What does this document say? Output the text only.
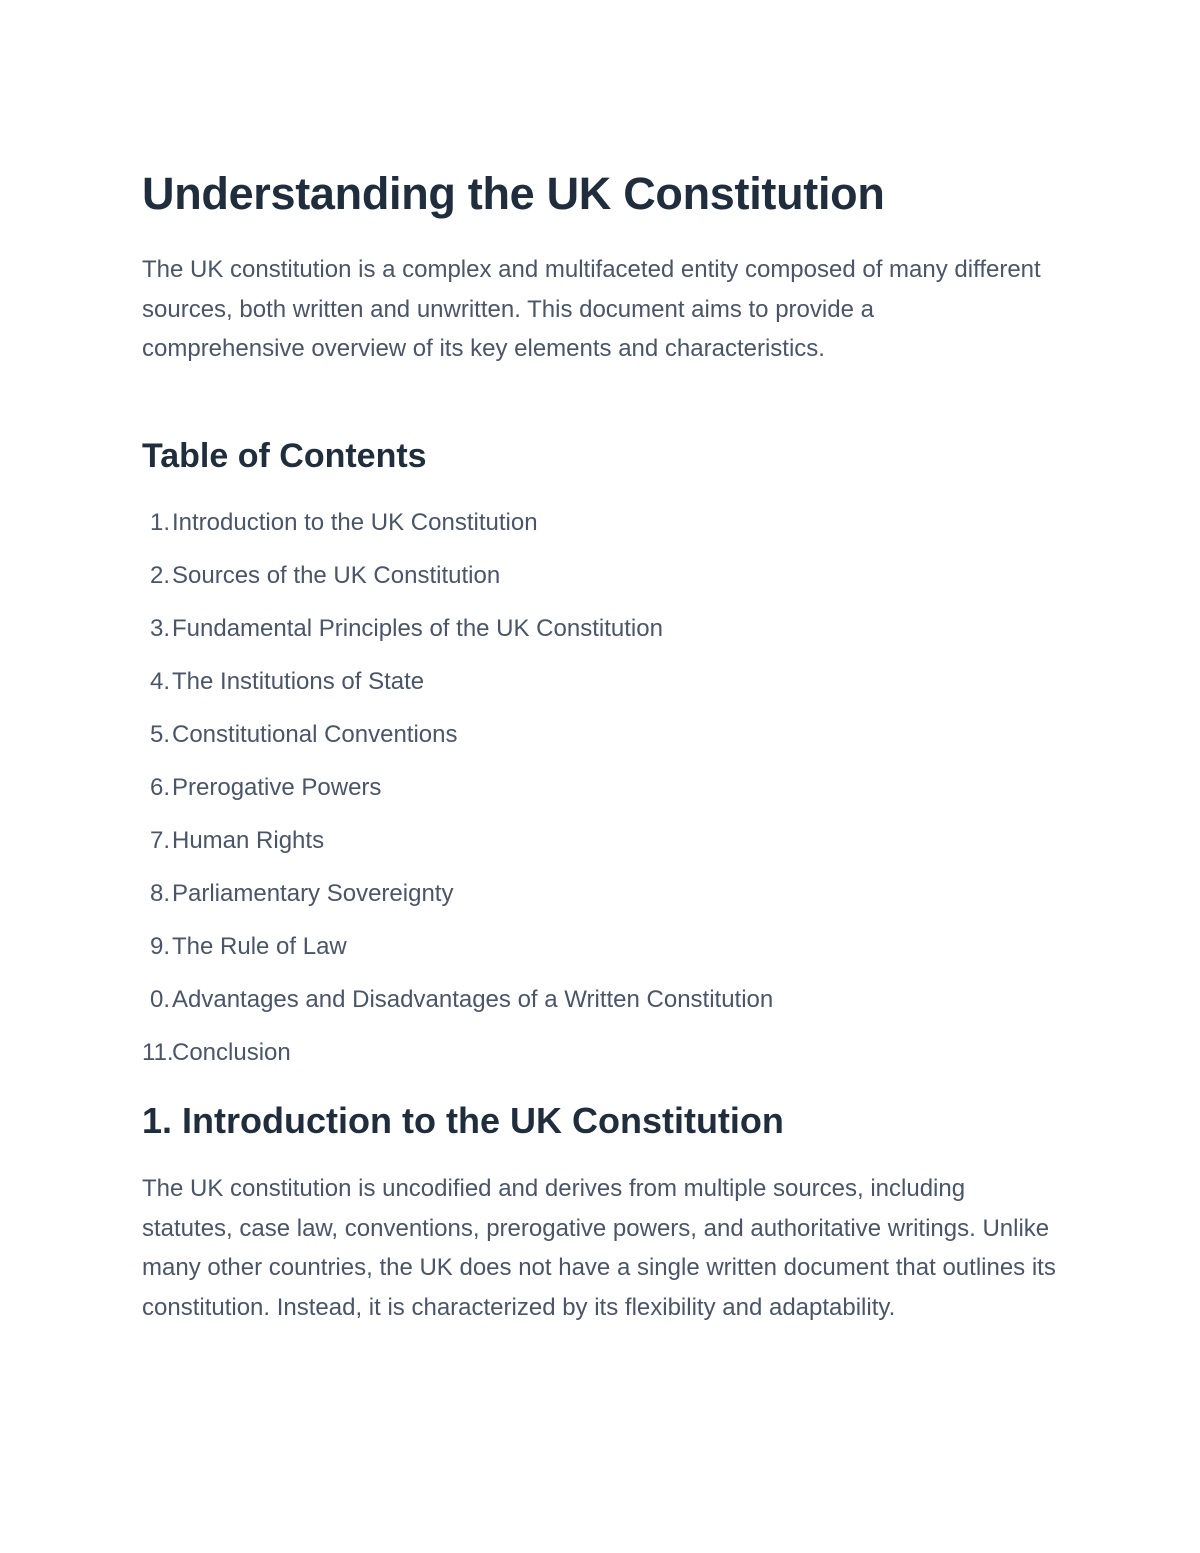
Understanding the UK Constitution

The UK constitution is a complex and multifaceted entity composed of many different sources, both written and unwritten. This document aims to provide a comprehensive overview of its key elements and characteristics.

Table of Contents
1.Introduction to the UK Constitution
2.Sources of the UK Constitution
3.Fundamental Principles of the UK Constitution
4.The Institutions of State
5.Constitutional Conventions
6.Prerogative Powers
7.Human Rights
8.Parliamentary Sovereignty
9.The Rule of Law
0.Advantages and Disadvantages of a Written Constitution
11.Conclusion
1. Introduction to the UK Constitution

The UK constitution is uncodified and derives from multiple sources, including statutes, case law, conventions, prerogative powers, and authoritative writings. Unlike many other countries, the UK does not have a single written document that outlines its constitution. Instead, it is characterized by its flexibility and adaptability.
